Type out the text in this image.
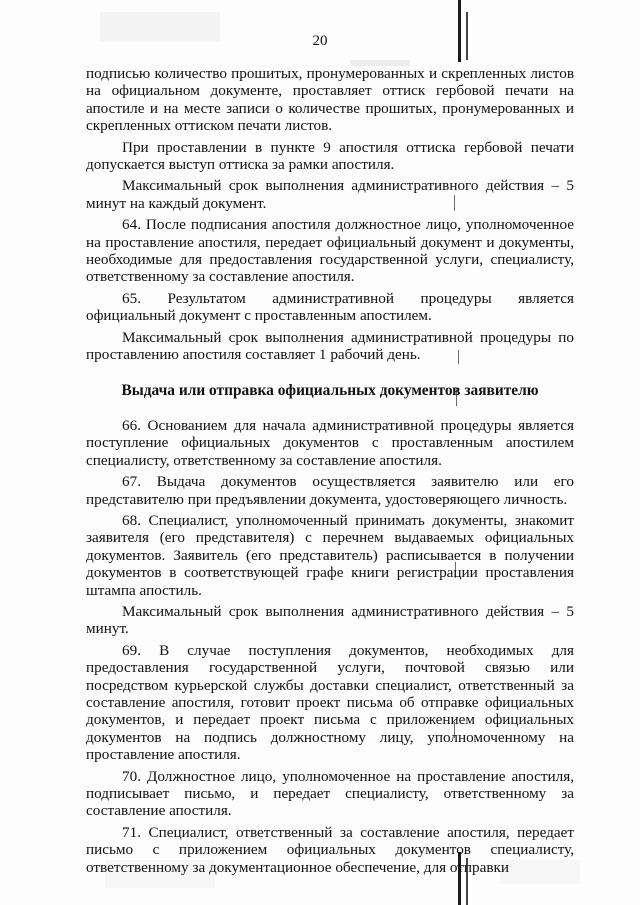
20

подписью количество прошитых, пронумерованных и скрепленных листов на официальном документе, проставляет оттиск гербовой печати на апостиле и на месте записи о количестве прошитых, пронумерованных и скрепленных оттиском печати листов.

При проставлении в пункте 9 апостиля оттиска гербовой печати допускается выступ оттиска за рамки апостиля.

Максимальный срок выполнения административного действия – 5 минут на каждый документ.

64. После подписания апостиля должностное лицо, уполномоченное на проставление апостиля, передает официальный документ и документы, необходимые для предоставления государственной услуги, специалисту, ответственному за составление апостиля.

65. Результатом административной процедуры является официальный документ с проставленным апостилем.

Максимальный срок выполнения административной процедуры по проставлению апостиля составляет 1 рабочий день.

Выдача или отправка официальных документов заявителю

66. Основанием для начала административной процедуры является поступление официальных документов с проставленным апостилем специалисту, ответственному за составление апостиля.

67. Выдача документов осуществляется заявителю или его представителю при предъявлении документа, удостоверяющего личность.

68. Специалист, уполномоченный принимать документы, знакомит заявителя (его представителя) с перечнем выдаваемых официальных документов. Заявитель (его представитель) расписывается в получении документов в соответствующей графе книги регистрации проставления штампа апостиль.

Максимальный срок выполнения административного действия – 5 минут.

69. В случае поступления документов, необходимых для предоставления государственной услуги, почтовой связью или посредством курьерской службы доставки специалист, ответственный за составление апостиля, готовит проект письма об отправке официальных документов, и передает проект письма с приложением официальных документов на подпись должностному лицу, уполномоченному на проставление апостиля.

70. Должностное лицо, уполномоченное на проставление апостиля, подписывает письмо, и передает специалисту, ответственному за составление апостиля.

71. Специалист, ответственный за составление апостиля, передает письмо с приложением официальных документов специалисту, ответственному за документационное обеспечение, для отправки
